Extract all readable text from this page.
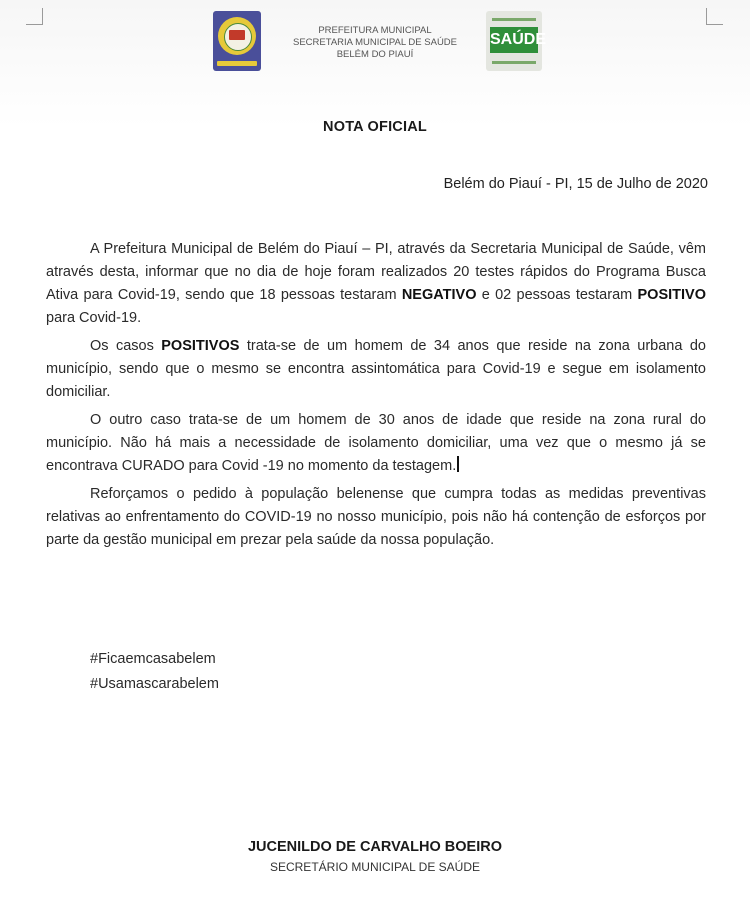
PREFEITURA MUNICIPAL
SECRETARIA MUNICIPAL DE SAÚDE
BELÉM DO PIAUÍ
SAÚDE
NOTA OFICIAL
Belém do Piauí - PI, 15 de Julho de 2020

A Prefeitura Municipal de Belém do Piauí – PI, através da Secretaria Municipal de Saúde, vêm através desta, informar que no dia de hoje foram realizados 20 testes rápidos do Programa Busca Ativa para Covid-19, sendo que 18 pessoas testaram NEGATIVO e 02 pessoas testaram POSITIVO para Covid-19.

Os casos POSITIVOS trata-se de um homem de 34 anos que reside na zona urbana do município, sendo que o mesmo se encontra assintomática para Covid-19 e segue em isolamento domiciliar.

O outro caso trata-se de um homem de 30 anos de idade que reside na zona rural do município. Não há mais a necessidade de isolamento domiciliar, uma vez que o mesmo já se encontrava CURADO para Covid -19 no momento da testagem.

Reforçamos o pedido à população belenense que cumpra todas as medidas preventivas relativas ao enfrentamento do COVID-19 no nosso município, pois não há contenção de esforços por parte da gestão municipal em prezar pela saúde da nossa população.

#Ficaemcasabelem
#Usamascarabelem
JUCENILDO DE CARVALHO BOEIRO
SECRETÁRIO MUNICIPAL DE SAÚDE
